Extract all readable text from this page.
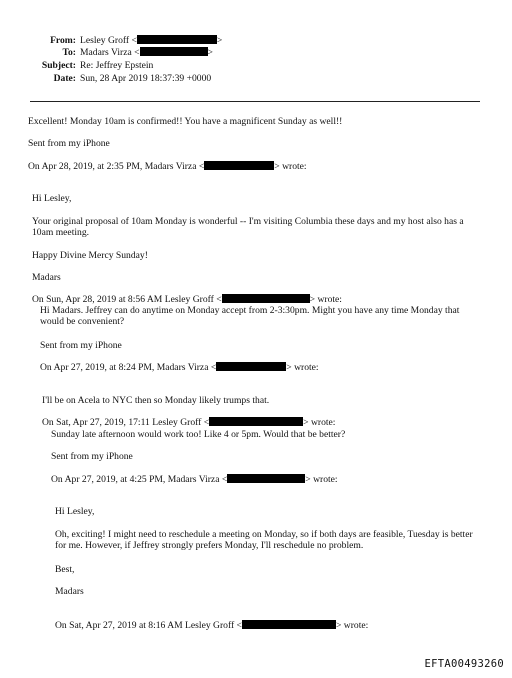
From: Lesley Groff <	>
To: Madars Virza <	>
Subject: Re: Jeffrey Epstein
Date: Sun, 28 Apr 2019 18:37:39 +0000
Excellent! Monday 10am is confirmed!! You have a magnificent Sunday as well!!
Sent from my iPhone
On Apr 28, 2019, at 2:35 PM, Madars Virza <	> wrote:
Hi Lesley,
Your original proposal of 10am Monday is wonderful -- I'm visiting Columbia these days and my host also has a 10am meeting.
Happy Divine Mercy Sunday!
Madars
On Sun, Apr 28, 2019 at 8:56 AM Lesley Groff <	> wrote:
Hi Madars. Jeffrey can do anytime on Monday accept from 2-3:30pm. Might you have any time Monday that would be convenient?
Sent from my iPhone
On Apr 27, 2019, at 8:24 PM, Madars Virza <	> wrote:
I'll be on Acela to NYC then so Monday likely trumps that.
On Sat, Apr 27, 2019, 17:11 Lesley Groff <	> wrote:
Sunday late afternoon would work too! Like 4 or 5pm. Would that be better?
Sent from my iPhone
On Apr 27, 2019, at 4:25 PM, Madars Virza <	> wrote:
Hi Lesley,
Oh, exciting! I might need to reschedule a meeting on Monday, so if both days are feasible, Tuesday is better for me. However, if Jeffrey strongly prefers Monday, I'll reschedule no problem.
Best,
Madars
On Sat, Apr 27, 2019 at 8:16 AM Lesley Groff <	> wrote:
EFTA00493260
